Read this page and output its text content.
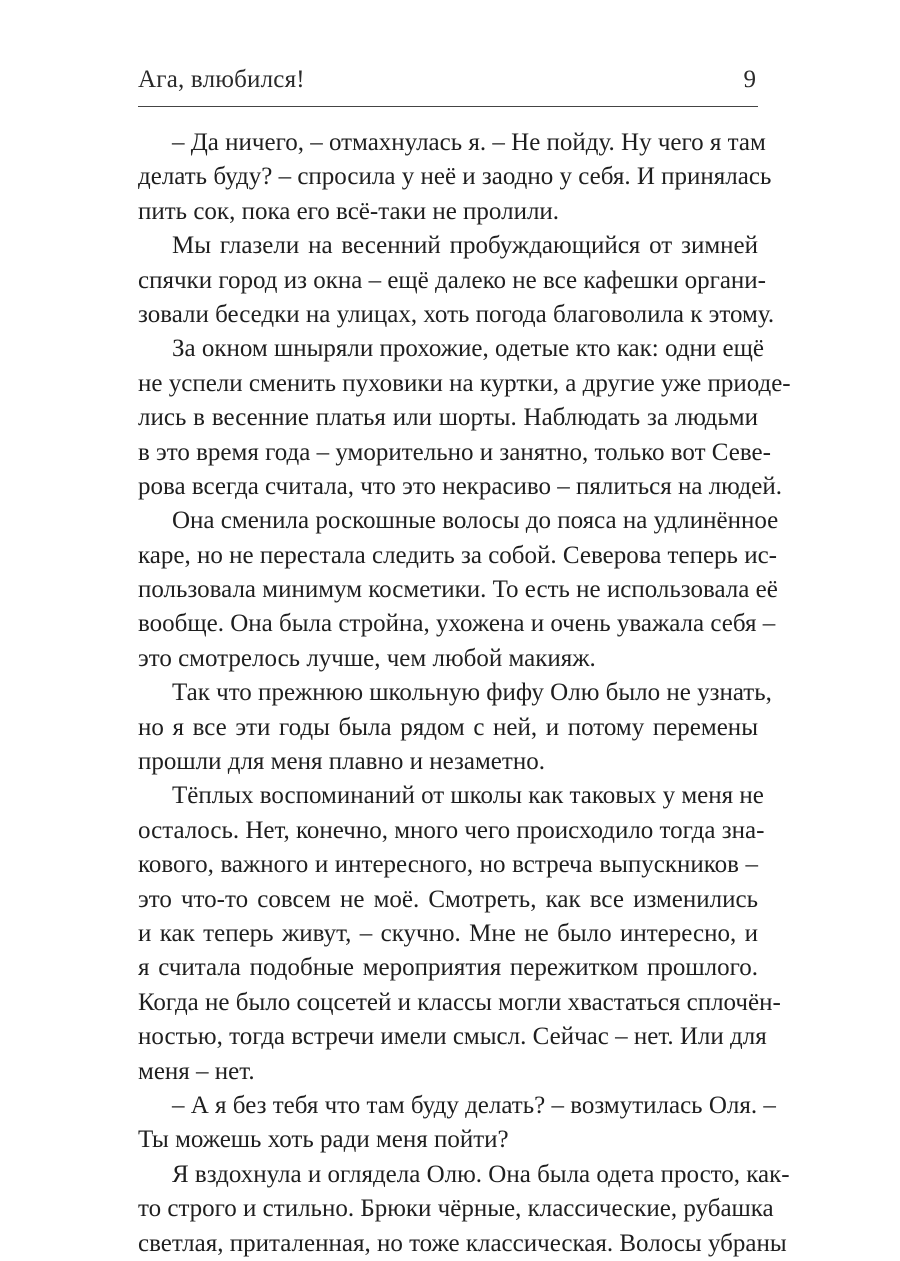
Ага, влюбился!	9
– Да ничего, – отмахнулась я. – Не пойду. Ну чего я там
делать буду? – спросила у неё и заодно у себя. И принялась
пить сок, пока его всё-таки не пролили.
Мы глазели на весенний пробуждающийся от зимней
спячки город из окна – ещё далеко не все кафешки органи-
зовали беседки на улицах, хоть погода благоволила к этому.
За окном шныряли прохожие, одетые кто как: одни ещё
не успели сменить пуховики на куртки, а другие уже приоде-
лись в весенние платья или шорты. Наблюдать за людьми
в это время года – уморительно и занятно, только вот Севе-
рова всегда считала, что это некрасиво – пялиться на людей.
Она сменила роскошные волосы до пояса на удлинённое
каре, но не перестала следить за собой. Северова теперь ис-
пользовала минимум косметики. То есть не использовала её
вообще. Она была стройна, ухожена и очень уважала себя –
это смотрелось лучше, чем любой макияж.
Так что прежнюю школьную фифу Олю было не узнать,
но я все эти годы была рядом с ней, и потому перемены
прошли для меня плавно и незаметно.
Тёплых воспоминаний от школы как таковых у меня не
осталось. Нет, конечно, много чего происходило тогда зна-
кового, важного и интересного, но встреча выпускников –
это что-то совсем не моё. Смотреть, как все изменились
и как теперь живут, – скучно. Мне не было интересно, и
я считала подобные мероприятия пережитком прошлого.
Когда не было соцсетей и классы могли хвастаться сплочён-
ностью, тогда встречи имели смысл. Сейчас – нет. Или для
меня – нет.
– А я без тебя что там буду делать? – возмутилась Оля. –
Ты можешь хоть ради меня пойти?
Я вздохнула и оглядела Олю. Она была одета просто, как-
то строго и стильно. Брюки чёрные, классические, рубашка
светлая, приталенная, но тоже классическая. Волосы убраны
